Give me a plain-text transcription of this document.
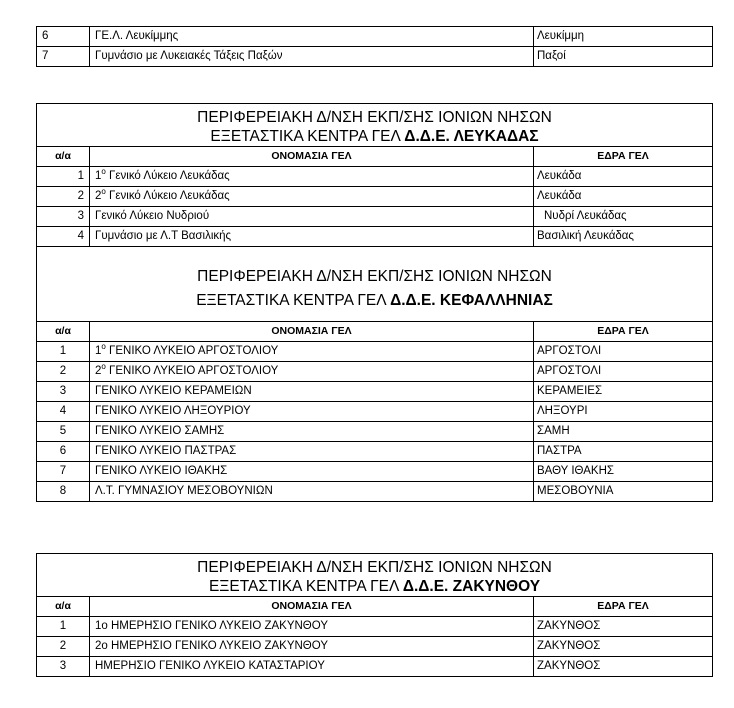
6	ΓΕ.Λ. Λευκίμμης	Λευκίμμη
7	Γυμνάσιο με Λυκειακές Τάξεις Παξών	Παξοί
ΠΕΡΙΦΕΡΕΙΑΚΗ Δ/ΝΣΗ ΕΚΠ/ΣΗΣ ΙΟΝΙΩΝ ΝΗΣΩΝ
ΕΞΕΤΑΣΤΙΚΑ ΚΕΝΤΡΑ ΓΕΛ Δ.Δ.Ε. ΛΕΥΚΑΔΑΣ		

α/α	ΟΝΟΜΑΣΙΑ ΓΕΛ	ΕΔΡΑ ΓΕΛ
1	$1^o$ Γενικό Λύκειο Λευκάδας	Λευκάδα
2	$2^o$ Γενικό Λύκειο Λευκάδας	Λευκάδα
3	Γενικό Λύκειο Νυδριού	Νυδρί Λευκάδας
4	Γυμνάσιο με Λ.Τ Βασιλικής	Βασιλική Λευκάδας

ΠΕΡΙΦΕΡΕΙΑΚΗ Δ/ΝΣΗ ΕΚΠ/ΣΗΣ ΙΟΝΙΩΝ ΝΗΣΩΝ
ΕΞΕΤΑΣΤΙΚΑ ΚΕΝΤΡΑ ΓΕΛ Δ.Δ.Ε. ΚΕΦΑΛΛΗΝΙΑΣ		

α/α	ΟΝΟΜΑΣΙΑ ΓΕΛ	ΕΔΡΑ ΓΕΛ
1	$1^o$ ΓΕΝΙΚΟ ΛΥΚΕΙΟ ΑΡΓΟΣΤΟΛΙΟΥ	ΑΡΓΟΣΤΟΛΙ
2	$2^o$ ΓΕΝΙΚΟ ΛΥΚΕΙΟ ΑΡΓΟΣΤΟΛΙΟΥ	ΑΡΓΟΣΤΟΛΙ
3	ΓΕΝΙΚΟ ΛΥΚΕΙΟ ΚΕΡΑΜΕΙΩΝ	ΚΕΡΑΜΕΙΕΣ
4	ΓΕΝΙΚΟ ΛΥΚΕΙΟ ΛΗΞΟΥΡΙΟΥ	ΛΗΞΟΥΡΙ
5	ΓΕΝΙΚΟ ΛΥΚΕΙΟ ΣΑΜΗΣ	ΣΑΜΗ
6	ΓΕΝΙΚΟ ΛΥΚΕΙΟ ΠΑΣΤΡΑΣ	ΠΑΣΤΡΑ
7	ΓΕΝΙΚΟ ΛΥΚΕΙΟ ΙΘΑΚΗΣ	ΒΑΘΥ ΙΘΑΚΗΣ
8	Λ.Τ. ΓΥΜΝΑΣΙΟΥ ΜΕΣΟΒΟΥΝΙΩΝ	ΜΕΣΟΒΟΥΝΙΑ
ΠΕΡΙΦΕΡΕΙΑΚΗ Δ/ΝΣΗ ΕΚΠ/ΣΗΣ ΙΟΝΙΩΝ ΝΗΣΩΝ
ΕΞΕΤΑΣΤΙΚΑ ΚΕΝΤΡΑ ΓΕΛ Δ.Δ.Ε. ΖΑΚΥΝΘΟΥ		

α/α	ΟΝΟΜΑΣΙΑ ΓΕΛ	ΕΔΡΑ ΓΕΛ
1	1ο ΗΜΕΡΗΣΙΟ ΓΕΝΙΚΟ ΛΥΚΕΙΟ ΖΑΚΥΝΘΟΥ	ΖΑΚΥΝΘΟΣ
2	2ο ΗΜΕΡΗΣΙΟ ΓΕΝΙΚΟ ΛΥΚΕΙΟ ΖΑΚΥΝΘΟΥ	ΖΑΚΥΝΘΟΣ
3	ΗΜΕΡΗΣΙΟ ΓΕΝΙΚΟ ΛΥΚΕΙΟ ΚΑΤΑΣΤΑΡΙΟΥ	ΖΑΚΥΝΘΟΣ
